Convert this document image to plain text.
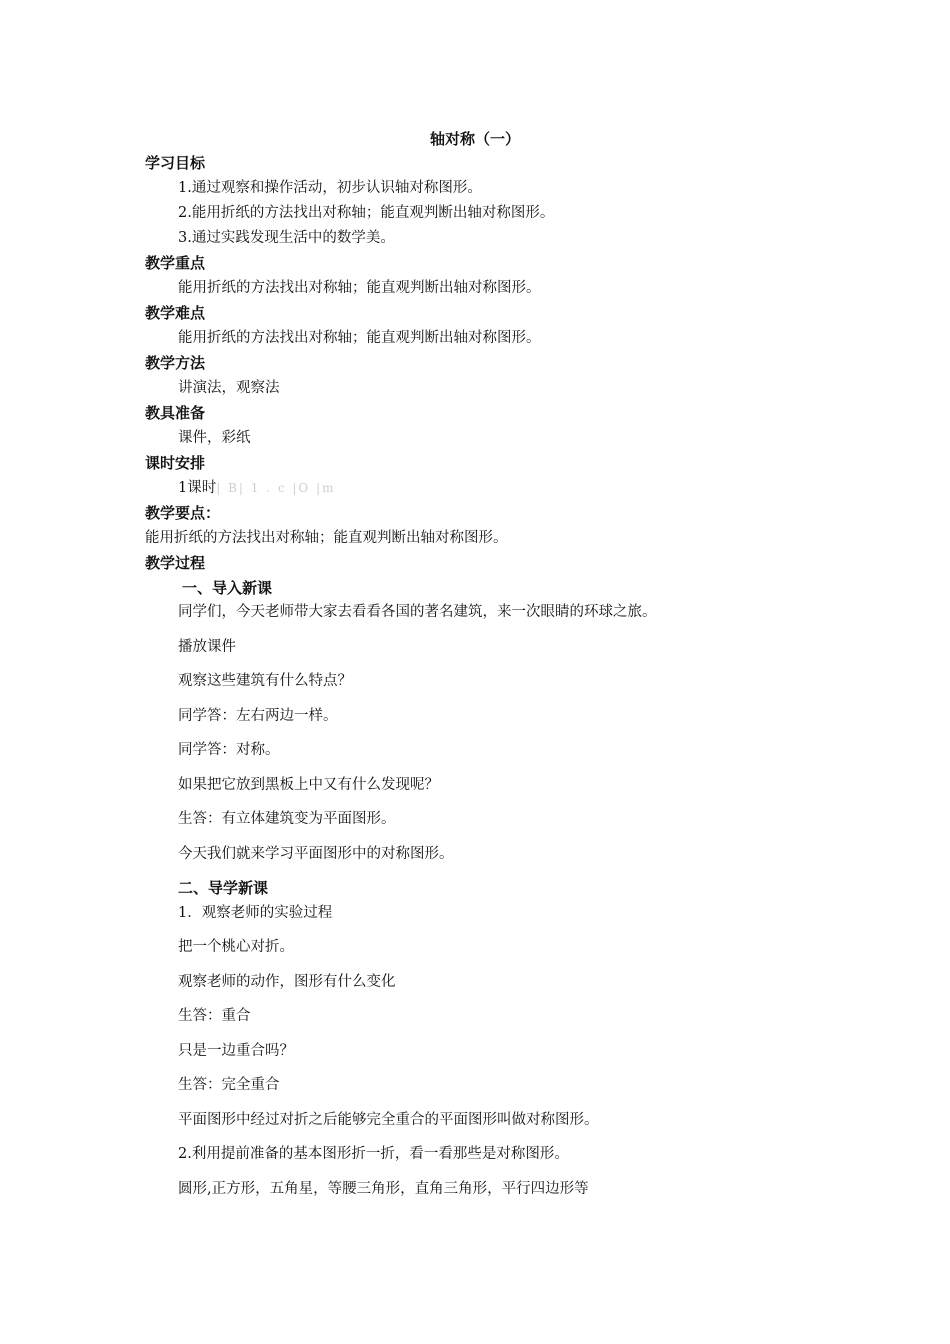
轴对称（一）
学习目标
1.通过观察和操作活动，初步认识轴对称图形。
2.能用折纸的方法找出对称轴；能直观判断出轴对称图形。
3.通过实践发现生活中的数学美。
教学重点
能用折纸的方法找出对称轴；能直观判断出轴对称图形。
教学难点
能用折纸的方法找出对称轴；能直观判断出轴对称图形。
教学方法
讲演法，观察法
教具准备
课件，彩纸
课时安排
1课时| B| 1 . c |O |m
教学要点：
能用折纸的方法找出对称轴；能直观判断出轴对称图形。
教学过程
一、导入新课
同学们，今天老师带大家去看看各国的著名建筑，来一次眼睛的环球之旅。
播放课件
观察这些建筑有什么特点？
同学答：左右两边一样。
同学答：对称。
如果把它放到黑板上中又有什么发现呢？
生答：有立体建筑变为平面图形。
今天我们就来学习平面图形中的对称图形。
二、导学新课
1．观察老师的实验过程
把一个桃心对折。
观察老师的动作，图形有什么变化
生答：重合
只是一边重合吗？
生答：完全重合
平面图形中经过对折之后能够完全重合的平面图形叫做对称图形。
2.利用提前准备的基本图形折一折，看一看那些是对称图形。
圆形,正方形，五角星，等腰三角形，直角三角形，平行四边形等
